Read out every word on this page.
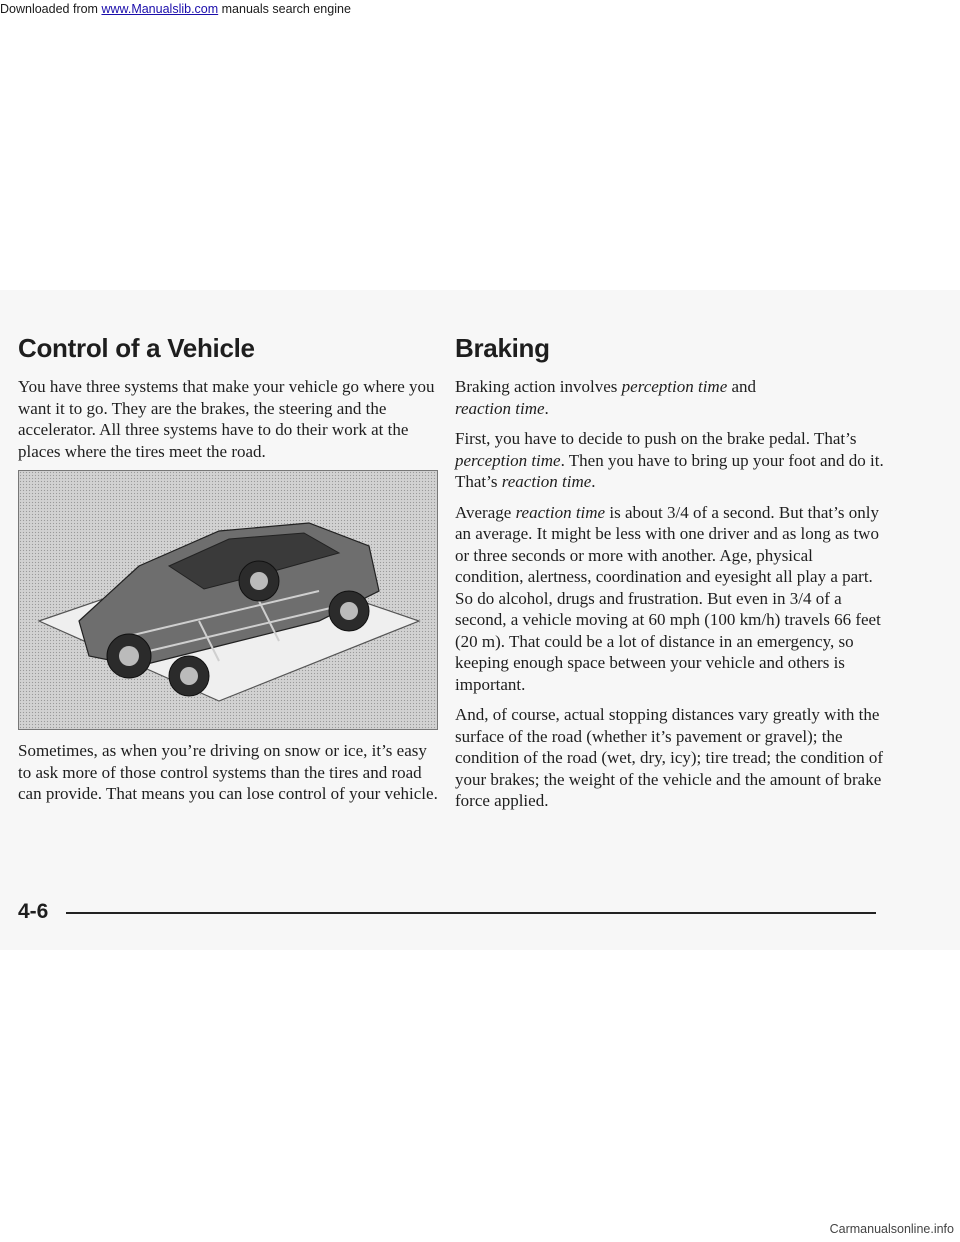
Downloaded from www.Manualslib.com manuals search engine
Control of a Vehicle

You have three systems that make your vehicle go where you want it to go. They are the brakes, the steering and the accelerator. All three systems have to do their work at the places where the tires meet the road.

Sometimes, as when you’re driving on snow or ice, it’s easy to ask more of those control systems than the tires and road can provide. That means you can lose control of your vehicle.

Braking

Braking action involves perception time and
reaction time.

First, you have to decide to push on the brake pedal. That’s perception time. Then you have to bring up your foot and do it. That’s reaction time.

Average reaction time is about 3/4 of a second. But that’s only an average. It might be less with one driver and as long as two or three seconds or more with another. Age, physical condition, alertness, coordination and eyesight all play a part. So do alcohol, drugs and frustration. But even in 3/4 of a second, a vehicle moving at 60 mph (100 km/h) travels 66 feet (20 m). That could be a lot of distance in an emergency, so keeping enough space between your vehicle and others is important.

And, of course, actual stopping distances vary greatly with the surface of the road (whether it’s pavement or gravel); the condition of the road (wet, dry, icy); tire tread; the condition of your brakes; the weight of the vehicle and the amount of brake force applied.

4-6
Carmanualsonline.info
